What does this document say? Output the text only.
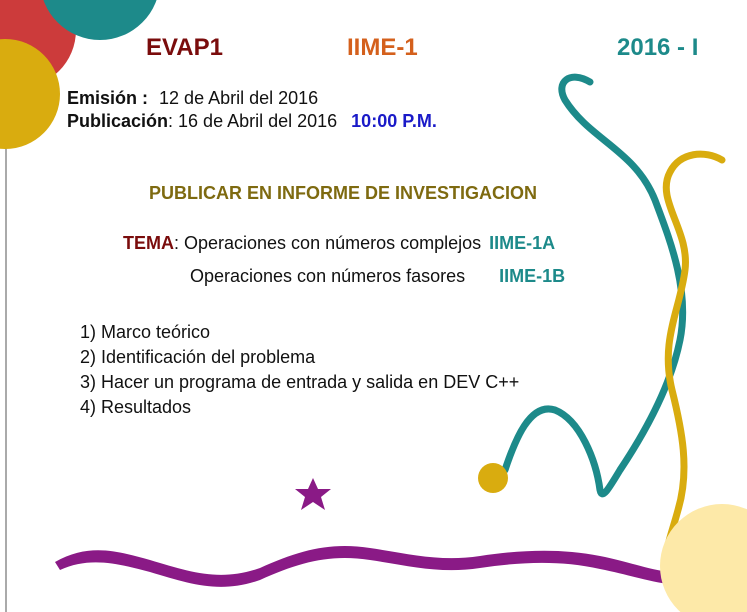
EVAP1	IIME-1	2016 - I
Emisión : 12 de Abril del 2016
Publicación: 16 de Abril del 2016 10:00 P.M.
PUBLICAR EN INFORME DE INVESTIGACION
TEMA: Operaciones con números complejos IIME-1A
Operaciones con números fasores IIME-1B
1) Marco teórico
2) Identificación del problema
3) Hacer un programa de entrada y salida en DEV C++
4) Resultados
